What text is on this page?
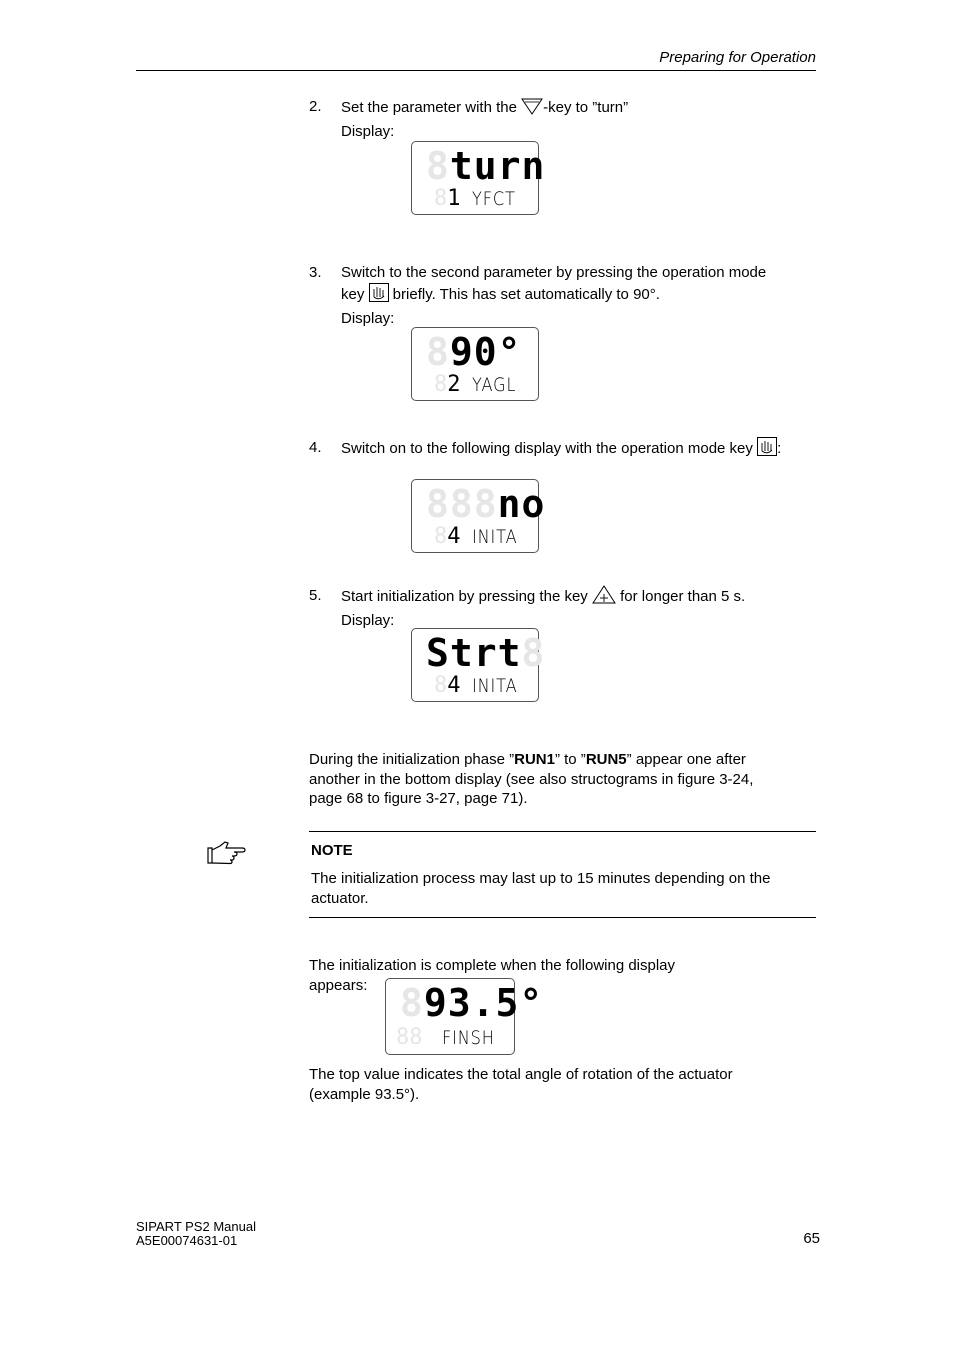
Preparing for Operation
2. Set the parameter with the -key to ”turn”
Display:
8turn
81 YFCT
3. Switch to the second parameter by pressing the operation mode
key  briefly. This has set automatically to 90°.
Display:
890°
82 YAGL
4. Switch on to the following display with the operation mode key :
888no
84 INITA
5. Start initialization by pressing the key  for longer than 5 s.
Display:
Strt8
84 INITA
During the initialization phase ”RUN1” to ”RUN5” appear one after
another in the bottom display (see also structograms in figure 3-24,
page 68 to figure 3-27, page 71).
NOTE
The initialization process may last up to 15 minutes depending on the
actuator.
The initialization is complete when the following display
appears: 893.5°
88 FINSH
The top value indicates the total angle of rotation of the actuator
(example 93.5°).
SIPART PS2 Manual
A5E00074631-01	65
